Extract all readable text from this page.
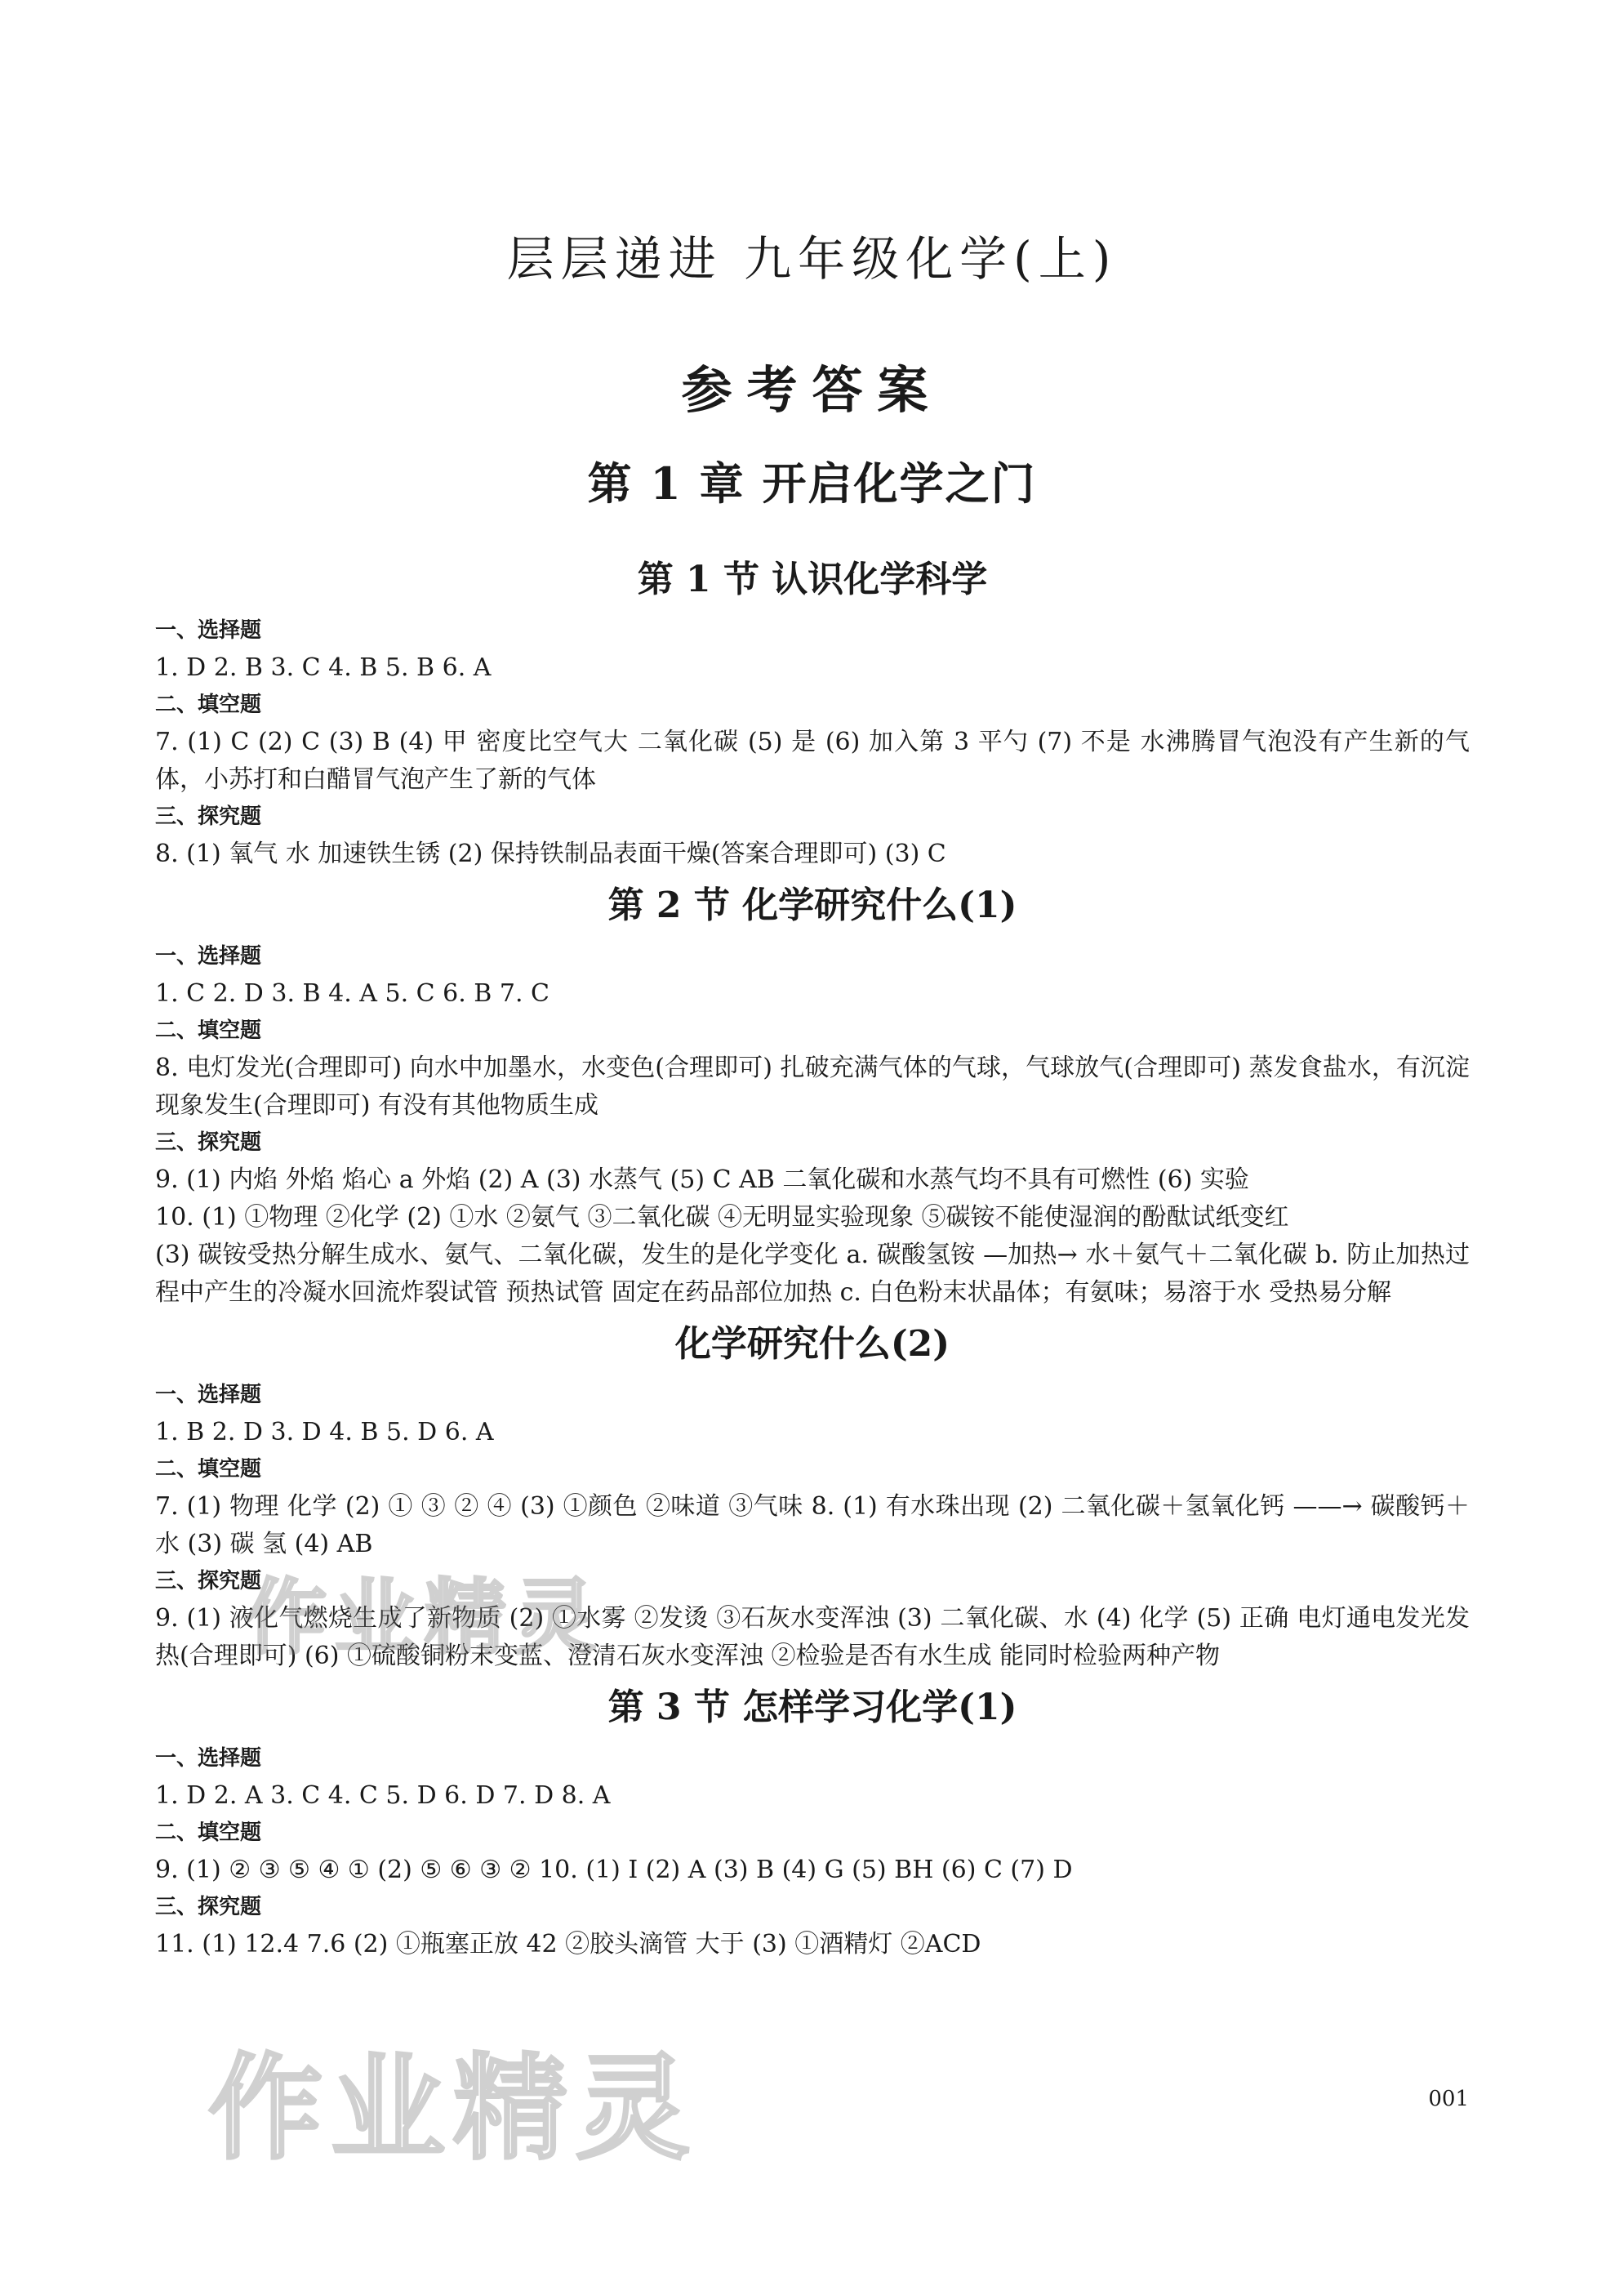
层层递进 九年级化学(上)
参考答案
第 1 章 开启化学之门
第 1 节 认识化学科学
一、选择题
1. D 2. B 3. C 4. B 5. B 6. A
二、填空题
7. (1) C (2) C (3) B (4) 甲 密度比空气大 二氧化碳 (5) 是 (6) 加入第 3 平勺 (7) 不是 水沸腾冒气泡没有产生新的气体，小苏打和白醋冒气泡产生了新的气体
三、探究题
8. (1) 氧气 水 加速铁生锈 (2) 保持铁制品表面干燥(答案合理即可) (3) C
第 2 节 化学研究什么(1)
一、选择题
1. C 2. D 3. B 4. A 5. C 6. B 7. C
二、填空题
8. 电灯发光(合理即可) 向水中加墨水，水变色(合理即可) 扎破充满气体的气球，气球放气(合理即可) 蒸发食盐水，有沉淀现象发生(合理即可) 有没有其他物质生成
三、探究题
9. (1) 内焰 外焰 焰心 a 外焰 (2) A (3) 水蒸气 (5) C AB 二氧化碳和水蒸气均不具有可燃性 (6) 实验
10. (1) ①物理 ②化学 (2) ①水 ②氨气 ③二氧化碳 ④无明显实验现象 ⑤碳铵不能使湿润的酚酞试纸变红
(3) 碳铵受热分解生成水、氨气、二氧化碳，发生的是化学变化 a. 碳酸氢铵 —加热→ 水＋氨气＋二氧化碳 b. 防止加热过程中产生的冷凝水回流炸裂试管 预热试管 固定在药品部位加热 c. 白色粉末状晶体；有氨味；易溶于水 受热易分解
化学研究什么(2)
一、选择题
1. B 2. D 3. D 4. B 5. D 6. A
二、填空题
7. (1) 物理 化学 (2) ① ③ ② ④ (3) ①颜色 ②味道 ③气味 8. (1) 有水珠出现 (2) 二氧化碳＋氢氧化钙 ——→ 碳酸钙＋水 (3) 碳 氢 (4) AB
三、探究题
9. (1) 液化气燃烧生成了新物质 (2) ①水雾 ②发烫 ③石灰水变浑浊 (3) 二氧化碳、水 (4) 化学 (5) 正确 电灯通电发光发热(合理即可) (6) ①硫酸铜粉末变蓝、澄清石灰水变浑浊 ②检验是否有水生成 能同时检验两种产物
第 3 节 怎样学习化学(1)
一、选择题
1. D 2. A 3. C 4. C 5. D 6. D 7. D 8. A
二、填空题
9. (1) ② ③ ⑤ ④ ① (2) ⑤ ⑥ ③ ② 10. (1) I (2) A (3) B (4) G (5) BH (6) C (7) D
三、探究题
11. (1) 12.4 7.6 (2) ①瓶塞正放 42 ②胶头滴管 大于 (3) ①酒精灯 ②ACD
作业精灵
作业精灵	001
